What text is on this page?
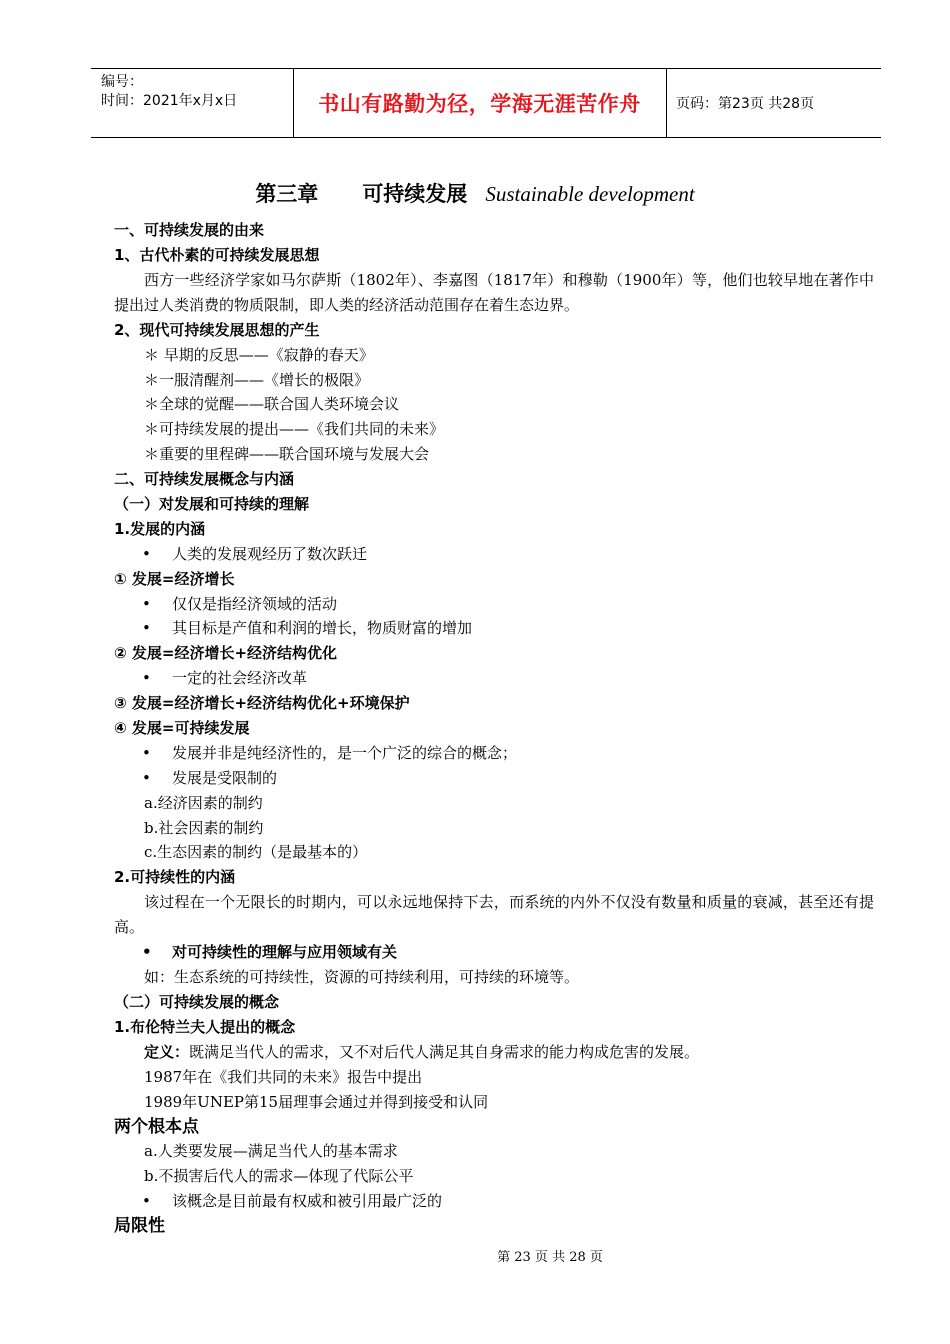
编号：
时间：2021年x月x日	书山有路勤为径，学海无涯苦作舟	页码：第23页 共28页
第三章 可持续发展 Sustainable development
一、可持续发展的由来
1、古代朴素的可持续发展思想
西方一些经济学家如马尔萨斯（1802年）、李嘉图（1817年）和穆勒（1900年）等，他们也较早地在著作中提出过人类消费的物质限制，即人类的经济活动范围存在着生态边界。
2、现代可持续发展思想的产生
＊ 早期的反思——《寂静的春天》
＊一服清醒剂——《增长的极限》
＊全球的觉醒——联合国人类环境会议
＊可持续发展的提出——《我们共同的未来》
＊重要的里程碑——联合国环境与发展大会
二、可持续发展概念与内涵
（一）对发展和可持续的理解
1.发展的内涵
• 人类的发展观经历了数次跃迁
① 发展=经济增长
• 仅仅是指经济领域的活动
• 其目标是产值和利润的增长，物质财富的增加
② 发展=经济增长+经济结构优化
• 一定的社会经济改革
③ 发展=经济增长+经济结构优化+环境保护
④ 发展=可持续发展
• 发展并非是纯经济性的，是一个广泛的综合的概念；
• 发展是受限制的
a.经济因素的制约
b.社会因素的制约
c.生态因素的制约（是最基本的）
2.可持续性的内涵
该过程在一个无限长的时期内，可以永远地保持下去，而系统的内外不仅没有数量和质量的衰减，甚至还有提高。
• 对可持续性的理解与应用领域有关
如：生态系统的可持续性，资源的可持续利用，可持续的环境等。
（二）可持续发展的概念
1.布伦特兰夫人提出的概念
定义：既满足当代人的需求，又不对后代人满足其自身需求的能力构成危害的发展。
1987年在《我们共同的未来》报告中提出
1989年UNEP第15届理事会通过并得到接受和认同
两个根本点
a.人类要发展—满足当代人的基本需求
b.不损害后代人的需求—体现了代际公平
• 该概念是目前最有权威和被引用最广泛的
局限性
第 23 页 共 28 页
